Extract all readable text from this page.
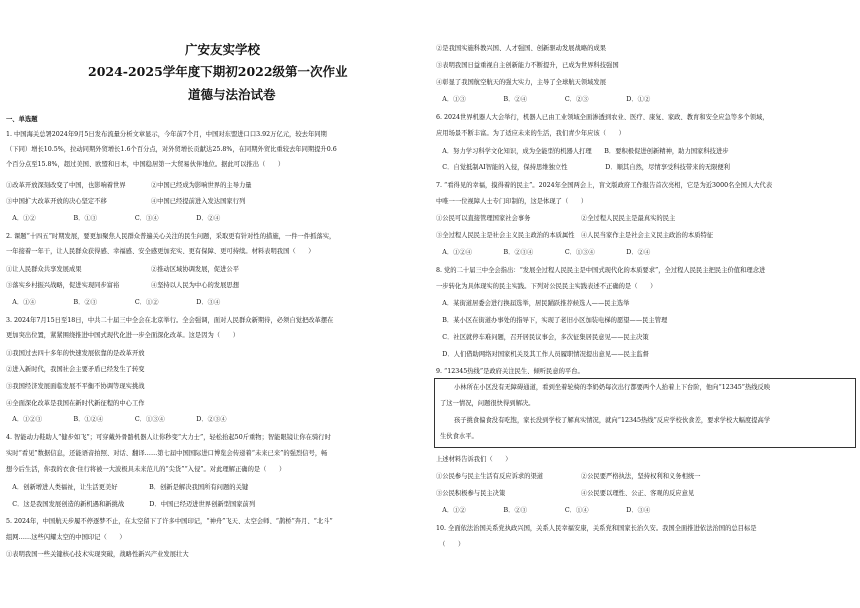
广安友实学校
2024-2025学年度下期初2022级第一次作业
道德与法治试卷
一、单选题
1. 中国海关总署2024年9月5日发布流量分析文章显示，今年前7个月，中国对东盟进口口3.92万亿元，较去年同期
（下同）增长10.5%，拉动同期外贸增长1.6个百分点，对外贸增长贡献达25.8%，在同期外贸比重较去年同期提升0.6
个百分点至15.8%，超过美国、欧盟和日本，中国稳居第一大贸易伙伴地位。据此可以推出（　　）
①改革开放深刻改变了中国，也影响着世界　　　　②中国已经成为影响世界的主导力量
③中国扩大改革开放的决心坚定不移　　　　　　　④中国已经提前进入发达国家行列
　A．①②　　　　　　B．①③　　　　　　C．③④　　　　　　D．②④
2. 课题“十四五”时期发展，要更加聚焦人民群众普遍关心关注的民生问题，采取更有针对性的措施，一件一件抓落实，
一年接着一年干，让人民群众获得感、幸福感、安全感更加充实、更有保障、更可持续。材料表明我国（　　）
①让人民群众共享发展成果　　　　　　　　　　　②推动区域协调发展，促进公平
③落实乡村振兴战略，促进实现同步富裕　　　　　④坚持以人民为中心的发展思想
　A．①④　　　　　　B．②③　　　　　　C．①②　　　　　　D．③④
3. 2024年7月15日至18日，中共二十届三中全会在北京举行。全会强调，面对人民群众新期待，必须自觉把改革摆在
更加突出位置，紧紧围绕推进中国式现代化进一步全面深化改革。这是因为（　　）
①我国过去四十多年的快速发展依靠的是改革开放
②进入新时代，我国社会主要矛盾已经发生了转变
③我国经济发展面临发展不平衡不协调等现实挑战
④全面深化改革是我国在新时代新征程的中心工作
　A．①②③　　　　　B．①②④　　　　　C．①③④　　　　　D．②③④
4. 智能动力鞋助人“健步如飞”；可穿戴外骨骼机器人让你秒变“大力士”，轻松抬起50斤重物；智能眼镜让你在骑行时
实时“看见”数据信息，还能语音拍照、对话、翻译……第七届中国国际进口博览会传递着“未来已来”的强烈信号，畅
想今后生活，你我的衣食·住行将被一大波极具未来范儿的“尖货”“入侵”。对此理解正确的是（　　）
　A．创新增进人类福祉，让生活更美好　　　　　B．创新是解决我国所有问题的关键
　C．这是我国发展创造的新机遇和新挑战　　　　D．中国已经迈进世界创新型国家前列
5. 2024年，中国航天步履不停逐梦不止，在太空留下了许多中国印记，“神舟”飞天、太空会师、“鹊桥”奔月、“北斗”
组网……这些闪耀太空的中国印记（　　）
①表明我国一些关键核心技术实现突破，战略性新兴产业发展壮大
②是我国实施科教兴国、人才强国、创新驱动发展战略的成果
③表明我国日益重视自主创新能力不断提升，已成为世界科技强国
④彰显了我国航空航天的强大实力，主导了全球航天领域发展
　A．①③　　　　　　B．②④　　　　　　C．②③　　　　　　D．①②
6. 2024世界机器人大会举行，机器人已由工业领域全面渗透到农业、医疗、康复、家政、教育和安全应急等多个领域，
应用场景不断丰富。为了适应未来的生活，我们青少年应该（　　）
　A．努力学习科学文化知识，成为全能型的机器人打理　　B．要积极促进创新精神，助力国家科技进步
　C．自觉抵制AI智能的入侵，保持思维独立性　　　　　　D．顺其自然，尽情享受科技带来的无限便利
7. “看得见的幸福，摸得着的民主”。2024年全国两会上，盲文版政府工作报告首次亮相，它是为近3000名全国人大代表
中唯一一位视障人士专门印制的，这是体现了（　　）
①公民可以直接管理国家社会事务　　　　　　　　②全过程人民民主是最真实的民主
③全过程人民民主是社会主义民主政治的本质属性　④人民当家作主是社会主义民主政治的本质特征
　A．①②④　　　　　B．②③④　　　　　C．①③④　　　　　D．②④
8. 党的二十届三中全会指出：“发展全过程人民民主是中国式现代化的本质要求”，全过程人民民主把民主价值和理念进
一步转化为具体现实的民主实践。下列对公民民主实践表述不正确的是（　　）
　A．某街道居委会进行换届选举，居民踊跃推荐候选人——民主选举
　B．某小区在街道办事处的指导下，实现了老旧小区加装电梯的愿望——民主管理
　C．社区就停车难问题，召开居民议事会，多次征集居民意见——民主决策
　D．人们借助网络对国家机关及其工作人员履职情况提出意见——民主监督
9. “12345热线”是政府关注民生、倾听民意的平台。
小林所在小区没有无障碍通道，看到坐着轮椅的李奶奶每次出行都要两个人抬着上下台阶，他向“12345”热线反映
了这一情况，问题很快得到解决。
孩子挑食偏食没有吃饱，家长没到学校了解真实情况，就向“12345热线”反应学校伙食差，要求学校大幅度提高学
生伙食水平。
上述材料告诉我们（　　）
①公民参与民主生活有反应诉求的渠道　　　　　　②公民要严格执法，坚持权利和义务相统一
③公民积极参与民主决策　　　　　　　　　　　　④公民要以理性、公正、客观的反应意见
　A．①②　　　　　　B．②③　　　　　　C．①④　　　　　　D．③④
10. 全面依法治国关系党执政兴国，关系人民幸福安康，关系党和国家长治久安。我国全面推进依法治国的总目标是
　（　　）
